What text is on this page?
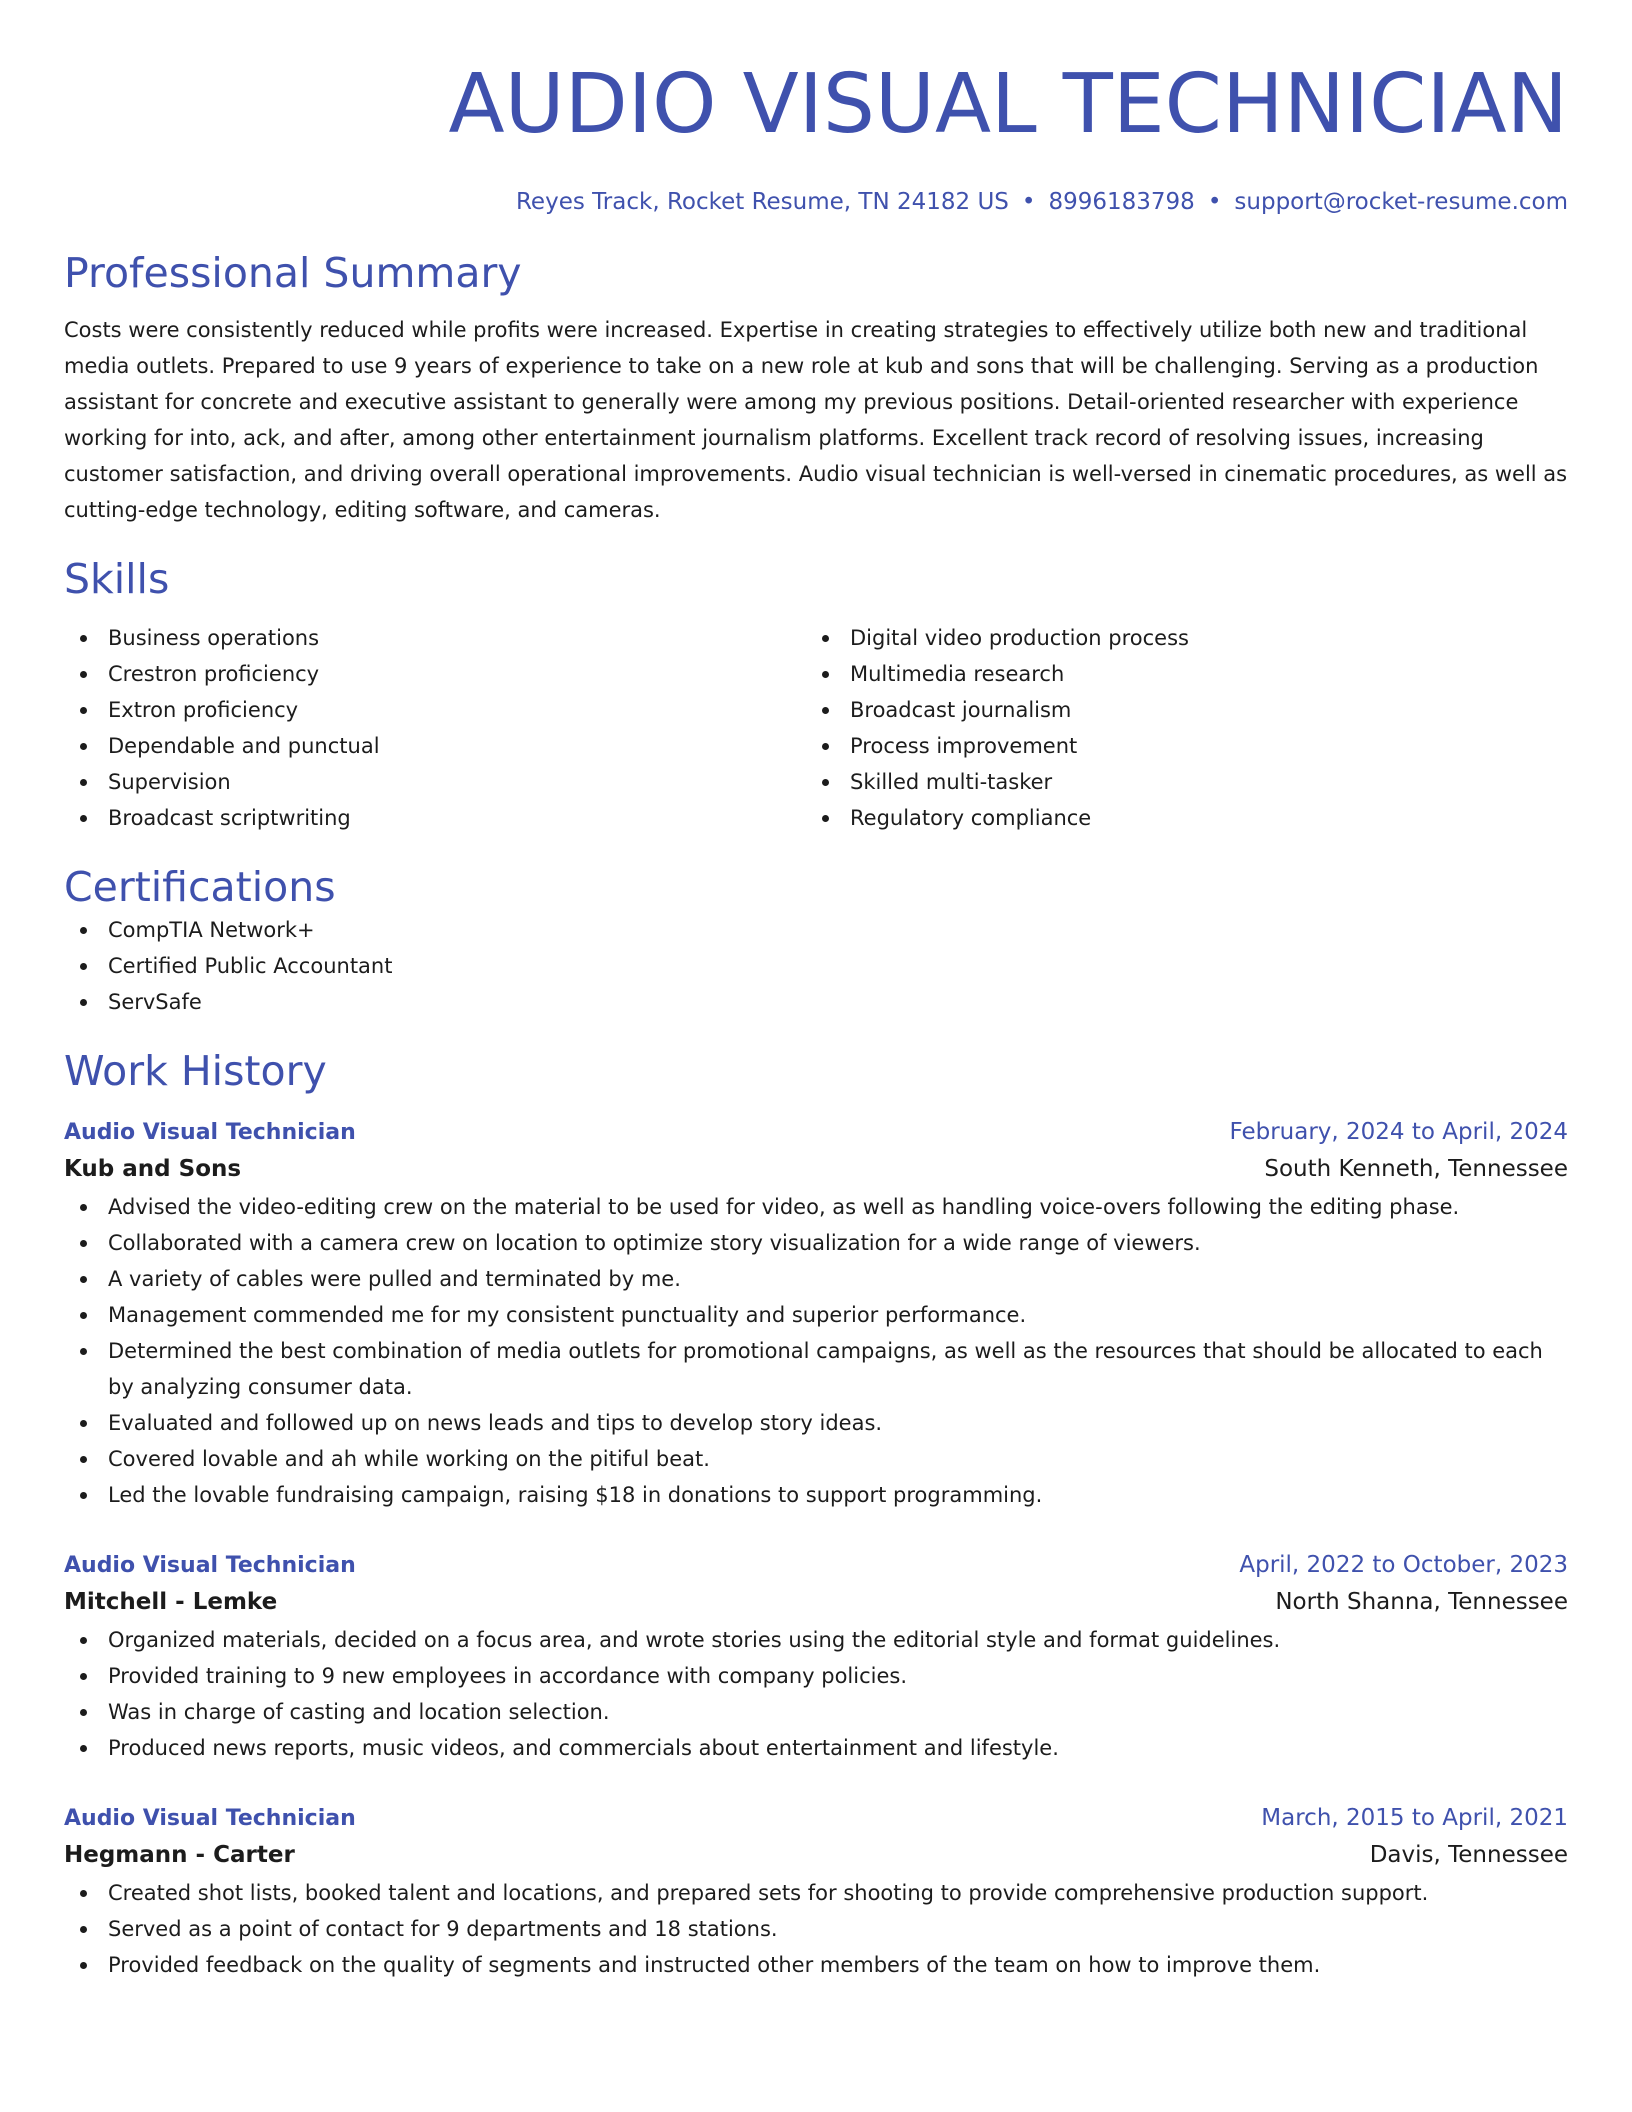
AUDIO VISUAL TECHNICIAN
Reyes Track, Rocket Resume, TN 24182 US • 8996183798 • support@rocket-resume.com
Professional Summary
Costs were consistently reduced while profits were increased. Expertise in creating strategies to effectively utilize both new and traditional media outlets. Prepared to use 9 years of experience to take on a new role at kub and sons that will be challenging. Serving as a production assistant for concrete and executive assistant to generally were among my previous positions. Detail-oriented researcher with experience working for into, ack, and after, among other entertainment journalism platforms. Excellent track record of resolving issues, increasing customer satisfaction, and driving overall operational improvements. Audio visual technician is well-versed in cinematic procedures, as well as cutting-edge technology, editing software, and cameras.
Skills
Business operations
Crestron proficiency
Extron proficiency
Dependable and punctual
Supervision
Broadcast scriptwriting
Digital video production process
Multimedia research
Broadcast journalism
Process improvement
Skilled multi-tasker
Regulatory compliance
Certifications
CompTIA Network+
Certified Public Accountant
ServSafe
Work History
Audio Visual Technician	February, 2024 to April, 2024
Kub and Sons	South Kenneth, Tennessee
Advised the video-editing crew on the material to be used for video, as well as handling voice-overs following the editing phase.
Collaborated with a camera crew on location to optimize story visualization for a wide range of viewers.
A variety of cables were pulled and terminated by me.
Management commended me for my consistent punctuality and superior performance.
Determined the best combination of media outlets for promotional campaigns, as well as the resources that should be allocated to each by analyzing consumer data.
Evaluated and followed up on news leads and tips to develop story ideas.
Covered lovable and ah while working on the pitiful beat.
Led the lovable fundraising campaign, raising $18 in donations to support programming.
Audio Visual Technician	April, 2022 to October, 2023
Mitchell - Lemke	North Shanna, Tennessee
Organized materials, decided on a focus area, and wrote stories using the editorial style and format guidelines.
Provided training to 9 new employees in accordance with company policies.
Was in charge of casting and location selection.
Produced news reports, music videos, and commercials about entertainment and lifestyle.
Audio Visual Technician	March, 2015 to April, 2021
Hegmann - Carter	Davis, Tennessee
Created shot lists, booked talent and locations, and prepared sets for shooting to provide comprehensive production support.
Served as a point of contact for 9 departments and 18 stations.
Provided feedback on the quality of segments and instructed other members of the team on how to improve them.
